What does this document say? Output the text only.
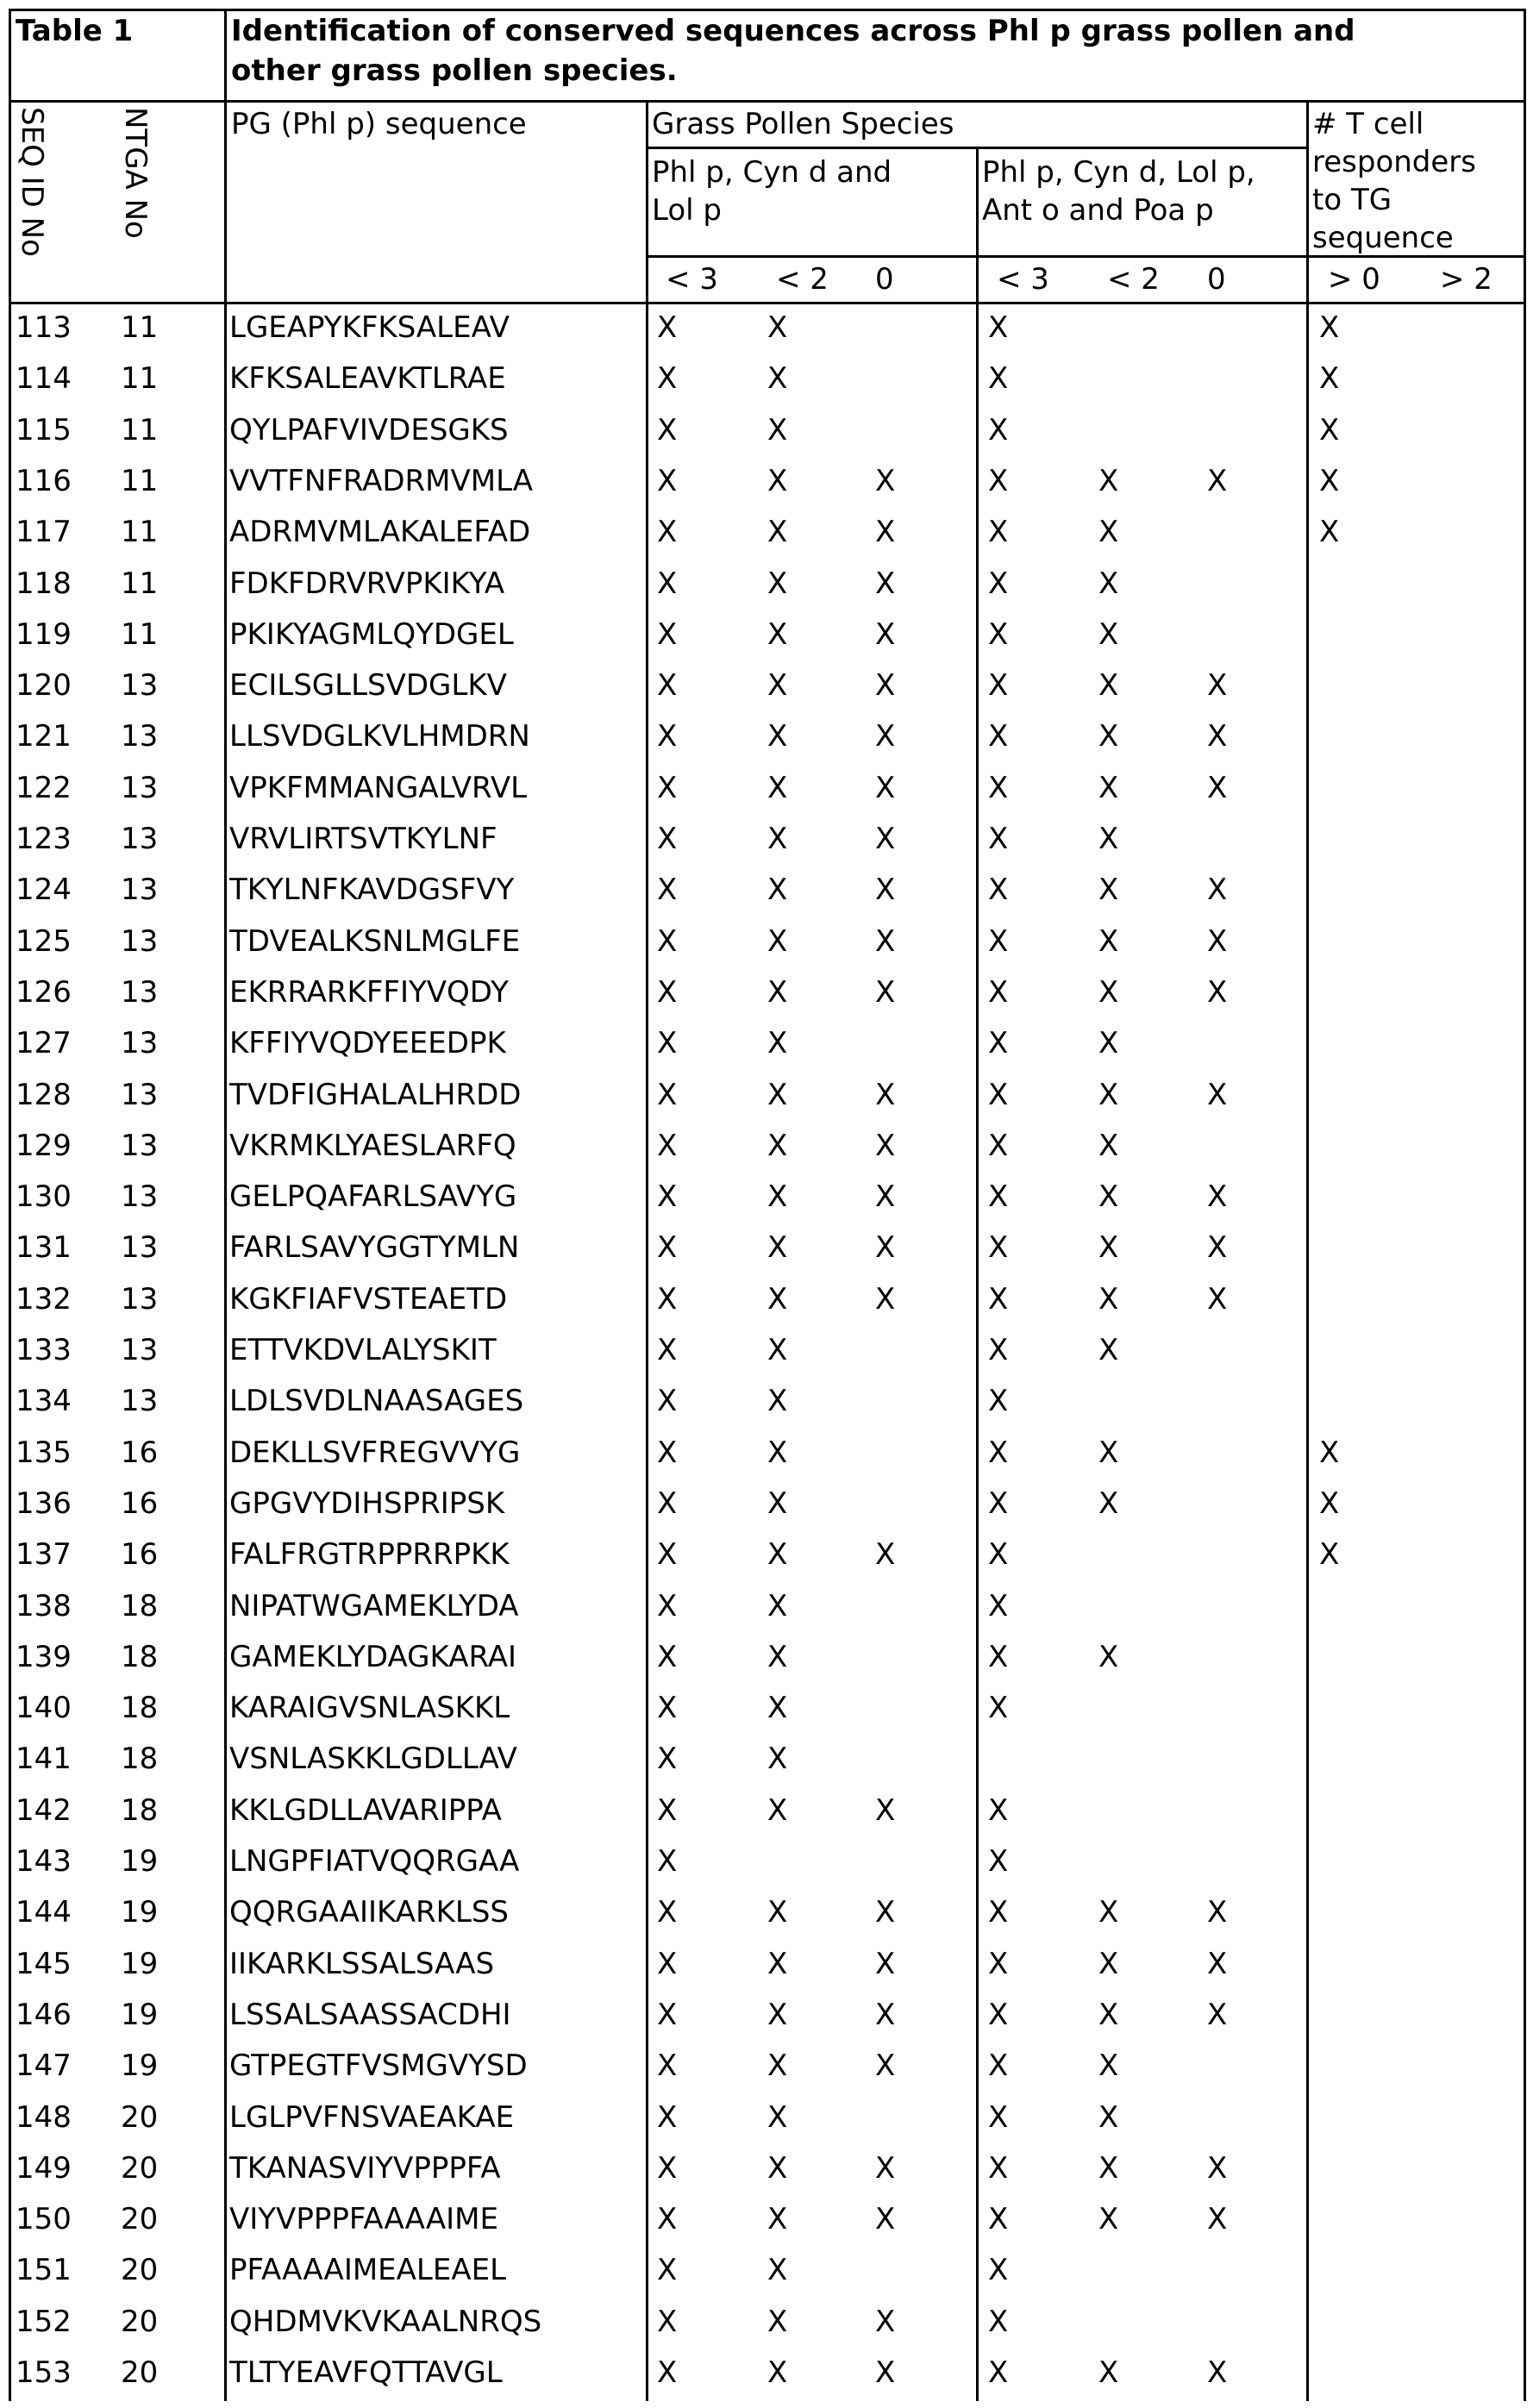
Table 1	Identification of conserved sequences across Phl p grass pollen and
other grass pollen species.
SEQ ID No NTGA No	PG (Phl p) sequence	Grass Pollen Species
Phl p, Cyn d and
Lol p
Phl p, Cyn d, Lol p,
Ant o and Poa p
# T cell
responders
to TG
sequence
< 3 < 2 0	< 3 < 2 0	> 0 > 2
113 11 LGEAPYKFKSALEAV	X	X	X	X
114 11 KFKSALEAVKTLRAE	X	X	X	X
115 11 QYLPAFVIVDESGKS	X	X	X	X
116 11 VVTFNFRADRMVMLA	X	X	X	X	X	X	X
117 11 ADRMVMLAKALEFAD	X	X	X	X	X	X
118 11 FDKFDRVRVPKIKYA	X	X	X	X	X
119 11 PKIKYAGMLQYDGEL	X	X	X	X	X
120 13 ECILSGLLSVDGLKV	X	X	X	X	X	X
121 13 LLSVDGLKVLHMDRN	X	X	X	X	X	X
122 13 VPKFMMANGALVRVL	X	X	X	X	X	X
123 13 VRVLIRTSVTKYLNF	X	X	X	X	X
124 13 TKYLNFKAVDGSFVY	X	X	X	X	X	X
125 13 TDVEALKSNLMGLFE	X	X	X	X	X	X
126 13 EKRRARKFFIYVQDY	X	X	X	X	X	X
127 13 KFFIYVQDYEEEDPK	X	X	X	X
128 13 TVDFIGHALALHRDD	X	X	X	X	X	X
129 13 VKRMKLYAESLARFQ	X	X	X	X	X
130 13 GELPQAFARLSAVYG	X	X	X	X	X	X
131 13 FARLSAVYGGTYMLN	X	X	X	X	X	X
132 13 KGKFIAFVSTEAETD	X	X	X	X	X	X
133 13 ETTVKDVLALYSKIT	X	X	X	X
134 13 LDLSVDLNAASAGES	X	X	X
135 16 DEKLLSVFREGVVYG	X	X	X	X	X
136 16 GPGVYDIHSPRIPSK	X	X	X	X	X
137 16 FALFRGTRPPRRPKK	X	X	X	X	X
138 18 NIPATWGAMEKLYDA	X	X	X
139 18 GAMEKLYDAGKARAI	X	X	X	X
140 18 KARAIGVSNLASKKL	X	X	X
141 18 VSNLASKKLGDLLAV	X	X
142 18 KKLGDLLAVARIPPA	X	X	X	X
143 19 LNGPFIATVQQRGAA	X	X
144 19 QQRGAAIIKARKLSS	X	X	X	X	X	X
145 19 IIKARKLSSALSAAS	X	X	X	X	X	X
146 19 LSSALSAASSACDHI	X	X	X	X	X	X
147 19 GTPEGTFVSMGVYSD	X	X	X	X	X
148 20 LGLPVFNSVAEAKAE	X	X	X	X
149 20 TKANASVIYVPPPFA	X	X	X	X	X	X
150 20 VIYVPPPFAAAAIME	X	X	X	X	X	X
151 20 PFAAAAIMEALEAEL	X	X	X
152 20 QHDMVKVKAALNRQS	X	X	X	X
153 20 TLTYEAVFQTTAVGL	X	X	X	X	X	X
